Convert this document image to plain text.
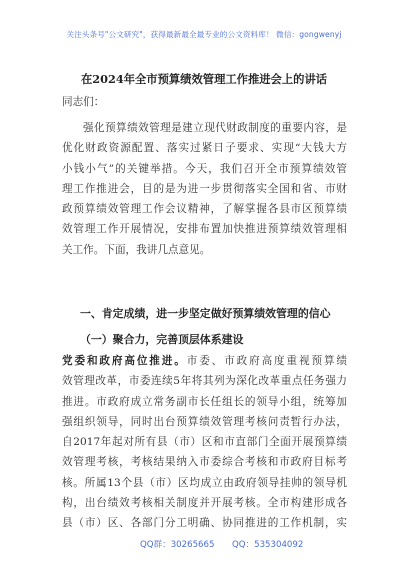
关注头条号"公文研究"，获得最新最全最专业的公文资料库！ 微信：gongwenyj
在2024年全市预算绩效管理工作推进会上的讲话
同志们：
强化预算绩效管理是建立现代财政制度的重要内容，是
优化财政资源配置、落实过紧日子要求、实现“大钱大方
小钱小气”的关键举措。今天，我们召开全市预算绩效管
理工作推进会，目的是为进一步贯彻落实全国和省、市财
政预算绩效管理工作会议精神，了解掌握各县市区预算绩
效管理工作开展情况，安排布置加快推进预算绩效管理相
关工作。下面，我讲几点意见。
一、肯定成绩，进一步坚定做好预算绩效管理的信心
（一）聚合力，完善顶层体系建设
党委和政府高位推进。市委、市政府高度重视预算绩
效管理改革，市委连续5年将其列为深化改革重点任务强力
推进。市政府成立常务副市长任组长的领导小组，统筹加
强组织领导，同时出台预算绩效管理考核问责暂行办法，
自2017年起对所有县（市）区和市直部门全面开展预算绩
效管理考核，考核结果纳入市委综合考核和市政府目标考
核。所属13个县（市）区均成立由政府领导挂帅的领导机
构，出台绩效考核相关制度并开展考核。全市构建形成各
县（市）区、各部门分工明确、协同推进的工作机制，实
QQ群：30265665 QQ：535304092
